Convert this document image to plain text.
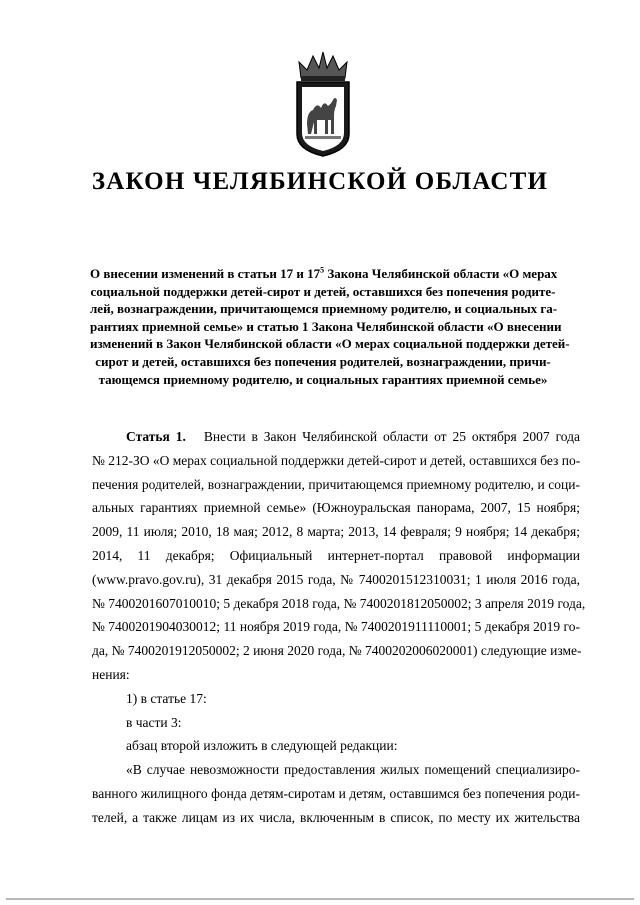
ЗАКОН ЧЕЛЯБИНСКОЙ ОБЛАСТИ
О внесении изменений в статьи 17 и $17^5$ Закона Челябинской области «О мерах
социальной поддержки детей-сирот и детей, оставшихся без попечения родите-
лей, вознаграждении, причитающемся приемному родителю, и социальных га-
рантиях приемной семье» и статью 1 Закона Челябинской области «О внесении
изменений в Закон Челябинской области «О мерах социальной поддержки детей-
сирот и детей, оставшихся без попечения родителей, вознаграждении, причи-
тающемся приемному родителю, и социальных гарантиях приемной семье»
Статья 1. Внести в Закон Челябинской области от 25 октября 2007 года
№ 212-ЗО «О мерах социальной поддержки детей-сирот и детей, оставшихся без по-
печения родителей, вознаграждении, причитающемся приемному родителю, и соци-
альных гарантиях приемной семье» (Южноуральская панорама, 2007, 15 ноября;
2009, 11 июля; 2010, 18 мая; 2012, 8 марта; 2013, 14 февраля; 9 ноября; 14 декабря;
2014, 11 декабря; Официальный интернет-портал правовой информации
(www.pravo.gov.ru), 31 декабря 2015 года, № 7400201512310031; 1 июля 2016 года,
№ 7400201607010010; 5 декабря 2018 года, № 7400201812050002; 3 апреля 2019 года,
№ 7400201904030012; 11 ноября 2019 года, № 7400201911110001; 5 декабря 2019 го-
да, № 7400201912050002; 2 июня 2020 года, № 7400202006020001) следующие изме-
нения:
1) в статье 17:
в части 3:
абзац второй изложить в следующей редакции:
«В случае невозможности предоставления жилых помещений специализиро-
ванного жилищного фонда детям-сиротам и детям, оставшимся без попечения роди-
телей, а также лицам из их числа, включенным в список, по месту их жительства
